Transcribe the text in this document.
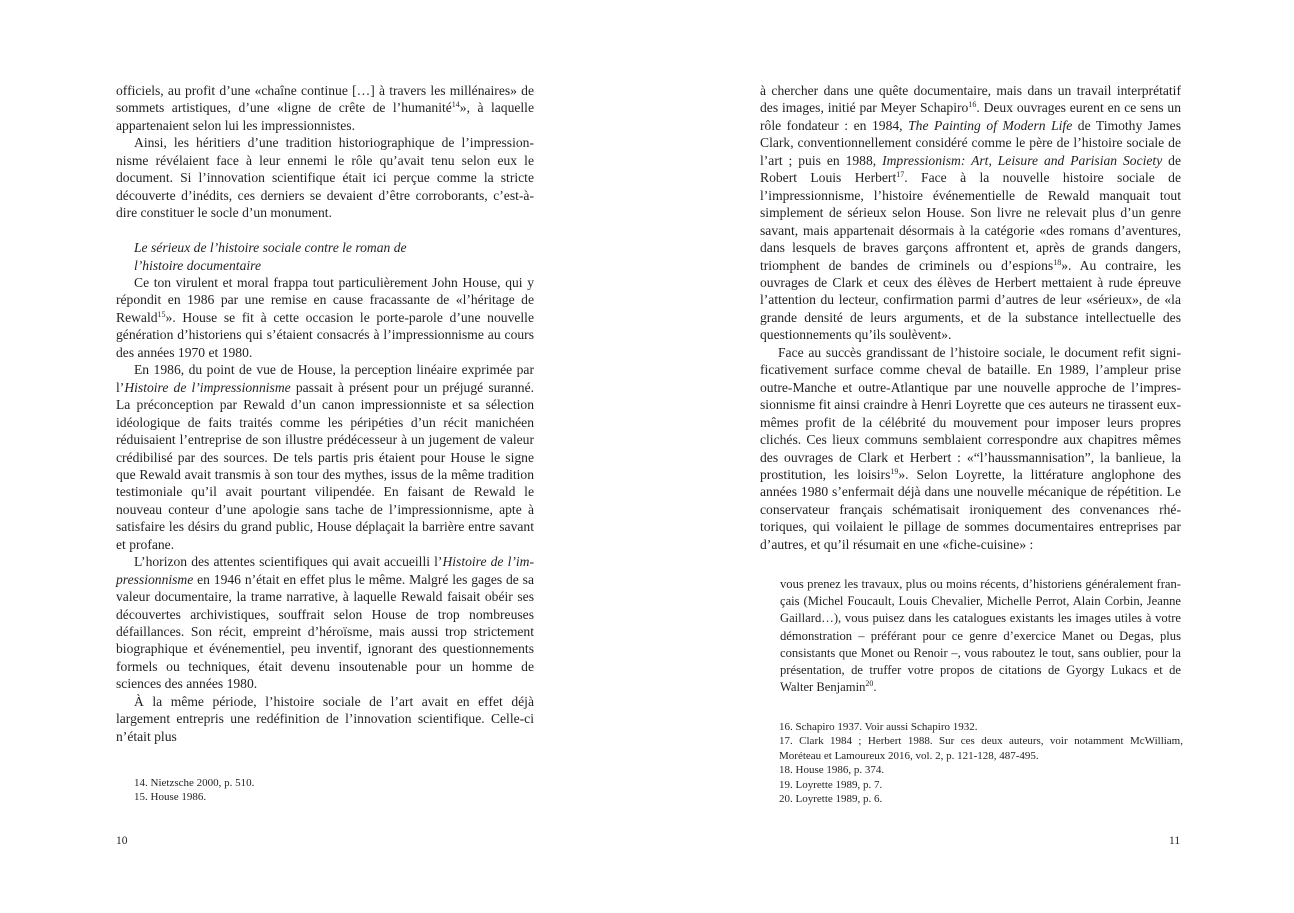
officiels, au profit d’une «chaîne continue […] à travers les millénaires» de sommets artistiques, d’une «ligne de crête de l’humanité$^{14}$», à laquelle appartenaient selon lui les impressionnistes.

Ainsi, les héritiers d’une tradition historiographique de l’impressionnisme révélaient face à leur ennemi le rôle qu’avait tenu selon eux le document. Si l’innovation scientifique était ici perçue comme la stricte découverte d’inédits, ces derniers se devaient d’être corroborants, c’est-à-dire constituer le socle d’un monument.

Le sérieux de l’histoire sociale contre le roman de l’histoire documentaire

Ce ton virulent et moral frappa tout particulièrement John House, qui y répondit en 1986 par une remise en cause fracassante de «l’héritage de Rewald$^{15}$». House se fit à cette occasion le porte-parole d’une nouvelle génération d’historiens qui s’étaient consacrés à l’impressionnisme au cours des années 1970 et 1980.

En 1986, du point de vue de House, la perception linéaire exprimée par l’Histoire de l’impressionnisme passait à présent pour un préjugé suranné. La préconception par Rewald d’un canon impressionniste et sa sélection idéologique de faits traités comme les péripéties d’un récit manichéen réduisaient l’entreprise de son illustre prédécesseur à un jugement de valeur crédibilisé par des sources. De tels partis pris étaient pour House le signe que Rewald avait transmis à son tour des mythes, issus de la même tradition testimoniale qu’il avait pourtant vilipendée. En faisant de Rewald le nouveau conteur d’une apologie sans tache de l’impressionnisme, apte à satisfaire les désirs du grand public, House déplaçait la barrière entre savant et profane.

L’horizon des attentes scientifiques qui avait accueilli l’Histoire de l’impressionnisme en 1946 n’était en effet plus le même. Malgré les gages de sa valeur documentaire, la trame narrative, à laquelle Rewald faisait obéir ses découvertes archivistiques, souffrait selon House de trop nombreuses défaillances. Son récit, empreint d’héroïsme, mais aussi trop strictement biographique et événementiel, peu inventif, ignorant des questionnements formels ou techniques, était devenu insoutenable pour un homme de sciences des années 1980.

À la même période, l’histoire sociale de l’art avait en effet déjà largement entrepris une redéfinition de l’innovation scientifique. Celle-ci n’était plus

14. Nietzsche 2000, p. 510.
15. House 1986.
10

à chercher dans une quête documentaire, mais dans un travail interprétatif des images, initié par Meyer Schapiro$^{16}$. Deux ouvrages eurent en ce sens un rôle fondateur : en 1984, The Painting of Modern Life de Timothy James Clark, conventionnellement considéré comme le père de l’histoire sociale de l’art ; puis en 1988, Impressionism: Art, Leisure and Parisian Society de Robert Louis Herbert$^{17}$. Face à la nouvelle histoire sociale de l’impressionnisme, l’histoire événementielle de Rewald manquait tout simplement de sérieux selon House. Son livre ne relevait plus d’un genre savant, mais appartenait désormais à la catégorie «des romans d’aventures, dans lesquels de braves garçons affrontent et, après de grands dangers, triomphent de bandes de criminels ou d’espions$^{18}$». Au contraire, les ouvrages de Clark et ceux des élèves de Herbert mettaient à rude épreuve l’attention du lecteur, confirmation parmi d’autres de leur «sérieux», de «la grande densité de leurs arguments, et de la substance intellectuelle des questionnements qu’ils soulèvent».

Face au succès grandissant de l’histoire sociale, le document refit significativement surface comme cheval de bataille. En 1989, l’ampleur prise outre-Manche et outre-Atlantique par une nouvelle approche de l’impressionnisme fit ainsi craindre à Henri Loyrette que ces auteurs ne tirassent eux-mêmes profit de la célébrité du mouvement pour imposer leurs propres clichés. Ces lieux communs semblaient correspondre aux chapitres mêmes des ouvrages de Clark et Herbert : «“l’haussmannisation”, la banlieue, la prostitution, les loisirs$^{19}$». Selon Loyrette, la littérature anglophone des années 1980 s’enfermait déjà dans une nouvelle mécanique de répétition. Le conservateur français schématisait ironiquement des convenances rhétoriques, qui voilaient le pillage de sommes documentaires entreprises par d’autres, et qu’il résumait en une «fiche-cuisine» :

vous prenez les travaux, plus ou moins récents, d’historiens généralement français (Michel Foucault, Louis Chevalier, Michelle Perrot, Alain Corbin, Jeanne Gaillard…), vous puisez dans les catalogues existants les images utiles à votre démonstration – préférant pour ce genre d’exercice Manet ou Degas, plus consistants que Monet ou Renoir –, vous raboutez le tout, sans oublier, pour la présentation, de truffer votre propos de citations de Gyorgy Lukacs et de Walter Benjamin$^{20}$.

16. Schapiro 1937. Voir aussi Schapiro 1932.
17. Clark 1984 ; Herbert 1988. Sur ces deux auteurs, voir notamment McWilliam, Moréteau et Lamoureux 2016, vol. 2, p. 121-128, 487-495.
18. House 1986, p. 374.
19. Loyrette 1989, p. 7.
20. Loyrette 1989, p. 6.
11
